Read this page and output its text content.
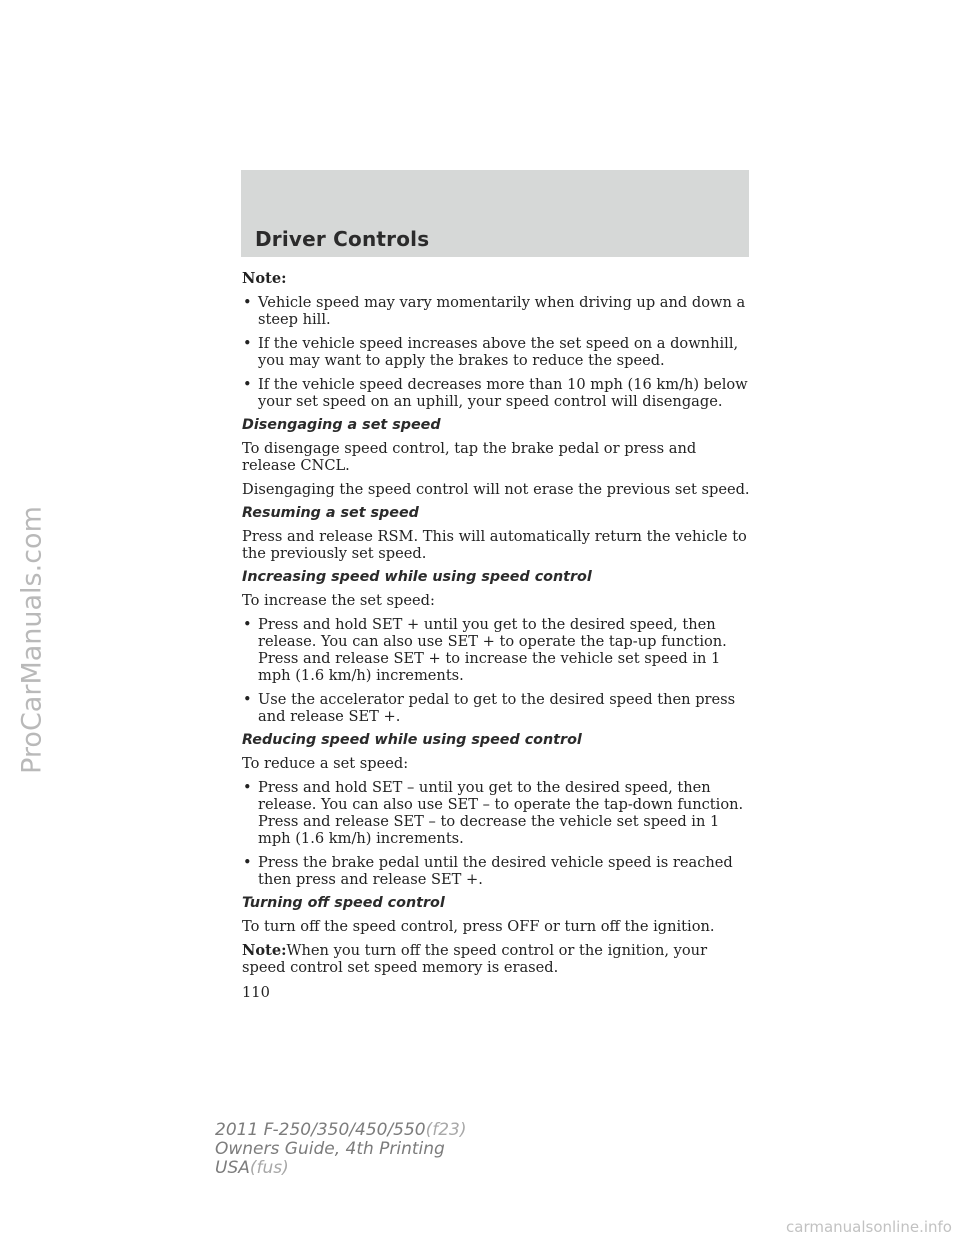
Driver Controls

Note:

• Vehicle speed may vary momentarily when driving up and down a steep hill.
• If the vehicle speed increases above the set speed on a downhill, you may want to apply the brakes to reduce the speed.
• If the vehicle speed decreases more than 10 mph (16 km/h) below your set speed on an uphill, your speed control will disengage.
Disengaging a set speed

To disengage speed control, tap the brake pedal or press and release CNCL.

Disengaging the speed control will not erase the previous set speed.

Resuming a set speed

Press and release RSM. This will automatically return the vehicle to the previously set speed.

Increasing speed while using speed control

To increase the set speed:

• Press and hold SET + until you get to the desired speed, then release. You can also use SET + to operate the tap-up function. Press and release SET + to increase the vehicle set speed in 1 mph (1.6 km/h) increments.
• Use the accelerator pedal to get to the desired speed then press and release SET +.
Reducing speed while using speed control

To reduce a set speed:

• Press and hold SET – until you get to the desired speed, then release. You can also use SET – to operate the tap-down function. Press and release SET – to decrease the vehicle set speed in 1 mph (1.6 km/h) increments.
• Press the brake pedal until the desired vehicle speed is reached then press and release SET +.
Turning off speed control

To turn off the speed control, press OFF or turn off the ignition.

Note:When you turn off the speed control or the ignition, your speed control set speed memory is erased.

110
2011 F-250/350/450/550(f23)
Owners Guide, 4th Printing
USA(fus)
ProCarManuals.com
carmanualsonline.info
